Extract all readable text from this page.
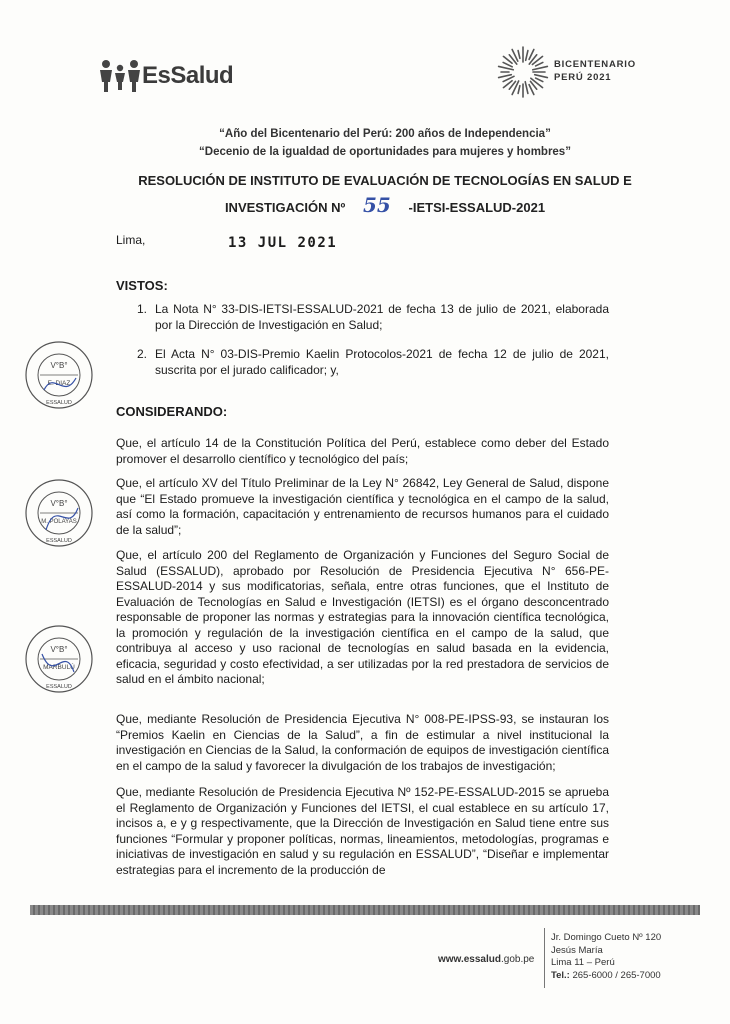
EsSalud	BICENTENARIO
PERÚ 2021
“Año del Bicentenario del Perú: 200 años de Independencia”
“Decenio de la igualdad de oportunidades para mujeres y hombres”
RESOLUCIÓN DE INSTITUTO DE EVALUACIÓN DE TECNOLOGÍAS EN SALUD E
INVESTIGACIÓN Nº 55 -IETSI-ESSALUD-2021
Lima,	13 JUL 2021
VISTOS:
1. La Nota N° 33-DIS-IETSI-ESSALUD-2021 de fecha 13 de julio de 2021, elaborada por la Dirección de Investigación en Salud;
2. El Acta N° 03-DIS-Premio Kaelin Protocolos-2021 de fecha 12 de julio de 2021, suscrita por el jurado calificador; y,
CONSIDERANDO:
Que, el artículo 14 de la Constitución Política del Perú, establece como deber del Estado promover el desarrollo científico y tecnológico del país;
Que, el artículo XV del Título Preliminar de la Ley N° 26842, Ley General de Salud, dispone que “El Estado promueve la investigación científica y tecnológica en el campo de la salud, así como la formación, capacitación y entrenamiento de recursos humanos para el cuidado de la salud”;
Que, el artículo 200 del Reglamento de Organización y Funciones del Seguro Social de Salud (ESSALUD), aprobado por Resolución de Presidencia Ejecutiva N° 656-PE-ESSALUD-2014 y sus modificatorias, señala, entre otras funciones, que el Instituto de Evaluación de Tecnologías en Salud e Investigación (IETSI) es el órgano desconcentrado responsable de proponer las normas y estrategias para la innovación científica tecnológica, la promoción y regulación de la investigación científica en el campo de la salud, que contribuya al acceso y uso racional de tecnologías en salud basada en la evidencia, eficacia, seguridad y costo efectividad, a ser utilizadas por la red prestadora de servicios de salud en el ámbito nacional;
Que, mediante Resolución de Presidencia Ejecutiva N° 008-PE-IPSS-93, se instauran los “Premios Kaelin en Ciencias de la Salud”, a fin de estimular a nivel institucional la investigación en Ciencias de la Salud, la conformación de equipos de investigación científica en el campo de la salud y favorecer la divulgación de los trabajos de investigación;
Que, mediante Resolución de Presidencia Ejecutiva Nº 152-PE-ESSALUD-2015 se aprueba el Reglamento de Organización y Funciones del IETSI, el cual establece en su artículo 17, incisos a, e y g respectivamente, que la Dirección de Investigación en Salud tiene entre sus funciones “Formular y proponer políticas, normas, lineamientos, metodologías, programas e iniciativas de investigación en salud y su regulación en ESSALUD”, “Diseñar e implementar estrategias para el incremento de la producción de
V°B°
E. DIAZ
ESSALUD
V°B°
M. POLAYAS
ESSALUD
V°B°
MARBULÚ
ESSALUD
www.essalud.gob.pe
Jr. Domingo Cueto Nº 120
Jesús María
Lima 11 – Perú
Tel.: 265-6000 / 265-7000
